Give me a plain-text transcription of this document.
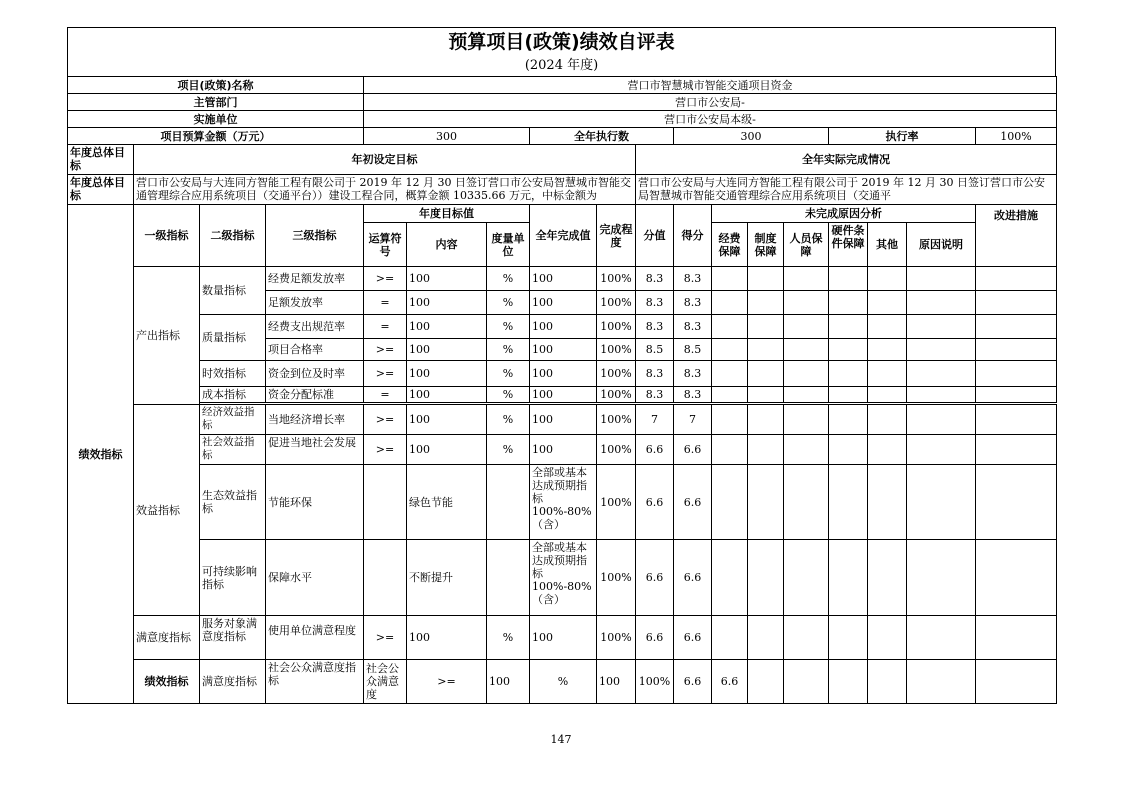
预算项目(政策)绩效自评表
(2024 年度)
项目(政策)名称				营口市智慧城市智能交通项目资金														
主管部门				营口市公安局-														
实施单位				营口市公安局本级-														
项目预算金额（万元）				300			全年执行数			300				执行率			100%	

年度总体目标	年初设定目标								全年实际完成情况									

年度总体目标	营口市公安局与大连同方智能工程有限公司于 2019 年 12 月 30 日签订营口市公安局智慧城市智能交通管理综合应用系统项目（交通平台））建设工程合同，概算金额 10335.66 万元，中标金额为								营口市公安局与大连同方智能工程有限公司于 2019 年 12 月 30 日签订营口市公安局智慧城市智能交通管理综合应用系统项目（交通平									

绩效指标	一级指标	二级指标	三级指标	年度目标值			全年完成值	完成程度	分值	得分	未完成原因分析						改进措施	
				运算符号	内容	度量单位					经费保障	制度保障	人员保障	硬件条件保障	其他	原因说明		
	产出指标	数量指标	经费足额发放率	>=	100	%	100	100%	8.3	8.3								
			足额发放率	=	100	%	100	100%	8.3	8.3								

		质量指标	经费支出规范率	=	100	%	100	100%	8.3	8.3								
			项目合格率	>=	100	%	100	100%	8.5	8.5								
		时效指标	资金到位及时率	>=	100	%	100	100%	8.3	8.3								
		成本指标	资金分配标准	=	100	%	100	100%	8.3	8.3								

	效益指标	经济效益指标	当地经济增长率	>=	100	%	100	100%	7	7								

		社会效益指标	促进当地社会发展	>=	100	%	100	100%	6.6	6.6								
		生态效益指标	节能环保		绿色节能		全部或基本达成预期指标100%-80%（含）	100%	6.6	6.6								
		可持续影响指标	保障水平		不断提升		全部或基本达成预期指标100%-80%（含）	100%	6.6	6.6								
	满意度指标	服务对象满意度指标	使用单位满意程度	>=	100	%	100	100%	6.6	6.6								
	绩效指标	满意度指标	社会公众满意度指标	社会公众满意度	>=	100	%	100	100%	6.6	6.6							
147
